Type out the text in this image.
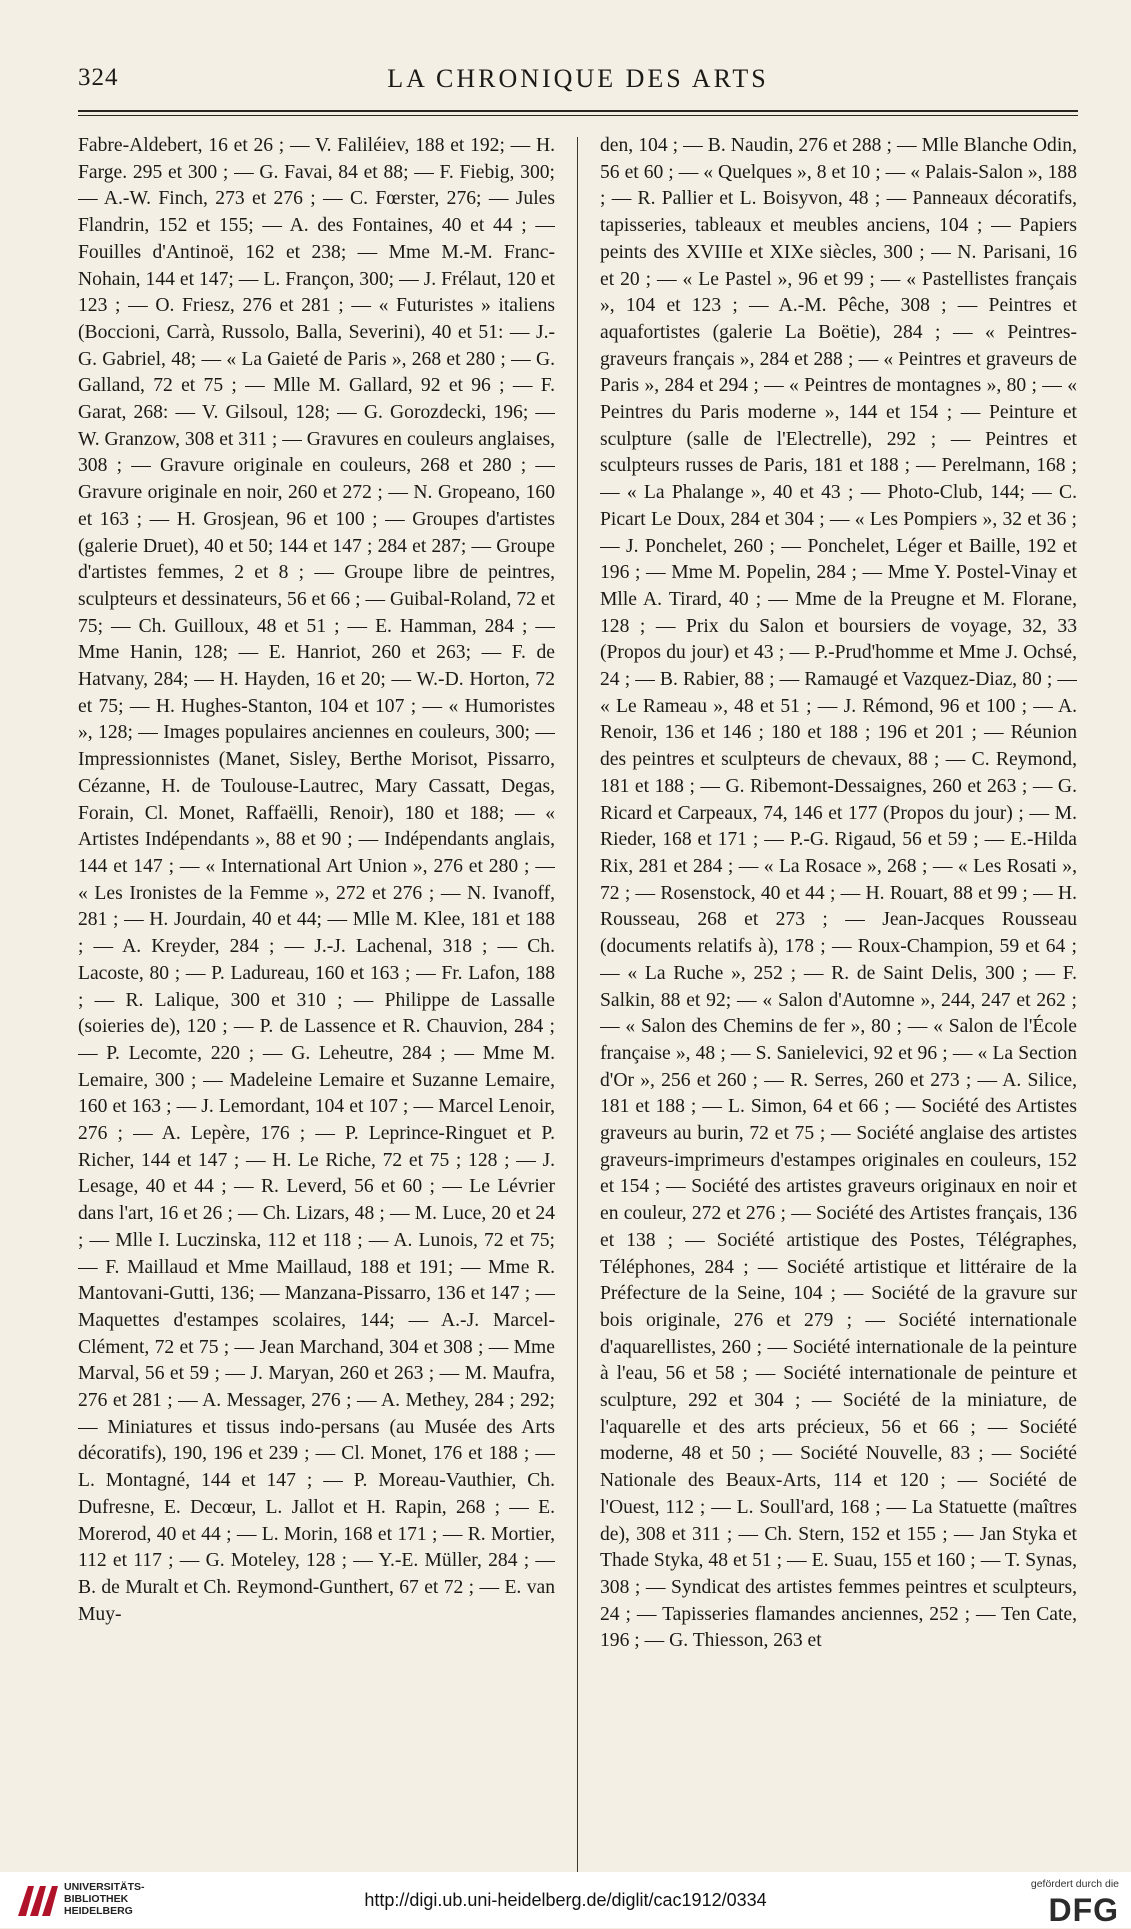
324	LA CHRONIQUE DES ARTS
Fabre-Aldebert, 16 et 26 ; — V. Faliléiev, 188 et 192; — H. Farge. 295 et 300 ; — G. Favai, 84 et 88; — F. Fiebig, 300; — A.-W. Finch, 273 et 276 ; — C. Fœrster, 276; — Jules Flandrin, 152 et 155; — A. des Fontaines, 40 et 44 ; — Fouilles d'Antinoë, 162 et 238; — Mme M.-M. Franc-Nohain, 144 et 147; — L. Françon, 300; — J. Frélaut, 120 et 123 ; — O. Friesz, 276 et 281 ; — « Futuristes » italiens (Boccioni, Carrà, Russolo, Balla, Severini), 40 et 51: — J.-G. Gabriel, 48; — « La Gaieté de Paris », 268 et 280 ; — G. Galland, 72 et 75 ; — Mlle M. Gallard, 92 et 96 ; — F. Garat, 268: — V. Gilsoul, 128; — G. Gorozdecki, 196; — W. Granzow, 308 et 311 ; — Gravures en couleurs anglaises, 308 ; — Gravure originale en couleurs, 268 et 280 ; — Gravure originale en noir, 260 et 272 ; — N. Gropeano, 160 et 163 ; — H. Grosjean, 96 et 100 ; — Groupes d'artistes (galerie Druet), 40 et 50; 144 et 147 ; 284 et 287; — Groupe d'artistes femmes, 2 et 8 ; — Groupe libre de peintres, sculpteurs et dessinateurs, 56 et 66 ; — Guibal-Roland, 72 et 75; — Ch. Guilloux, 48 et 51 ; — E. Hamman, 284 ; — Mme Hanin, 128; — E. Hanriot, 260 et 263; — F. de Hatvany, 284; — H. Hayden, 16 et 20; — W.-D. Horton, 72 et 75; — H. Hughes-Stanton, 104 et 107 ; — « Humoristes », 128; — Images populaires anciennes en couleurs, 300; — Impressionnistes (Manet, Sisley, Berthe Morisot, Pissarro, Cézanne, H. de Toulouse-Lautrec, Mary Cassatt, Degas, Forain, Cl. Monet, Raffaëlli, Renoir), 180 et 188; — « Artistes Indépendants », 88 et 90 ; — Indépendants anglais, 144 et 147 ; — « International Art Union », 276 et 280 ; — « Les Ironistes de la Femme », 272 et 276 ; — N. Ivanoff, 281 ; — H. Jourdain, 40 et 44; — Mlle M. Klee, 181 et 188 ; — A. Kreyder, 284 ; — J.-J. Lachenal, 318 ; — Ch. Lacoste, 80 ; — P. Ladureau, 160 et 163 ; — Fr. Lafon, 188 ; — R. Lalique, 300 et 310 ; — Philippe de Lassalle (soieries de), 120 ; — P. de Lassence et R. Chauvion, 284 ; — P. Lecomte, 220 ; — G. Leheutre, 284 ; — Mme M. Lemaire, 300 ; — Madeleine Lemaire et Suzanne Lemaire, 160 et 163 ; — J. Lemordant, 104 et 107 ; — Marcel Lenoir, 276 ; — A. Lepère, 176 ; — P. Leprince-Ringuet et P. Richer, 144 et 147 ; — H. Le Riche, 72 et 75 ; 128 ; — J. Lesage, 40 et 44 ; — R. Leverd, 56 et 60 ; — Le Lévrier dans l'art, 16 et 26 ; — Ch. Lizars, 48 ; — M. Luce, 20 et 24 ; — Mlle I. Luczinska, 112 et 118 ; — A. Lunois, 72 et 75; — F. Maillaud et Mme Maillaud, 188 et 191; — Mme R. Mantovani-Gutti, 136; — Manzana-Pissarro, 136 et 147 ; — Maquettes d'estampes scolaires, 144; — A.-J. Marcel-Clément, 72 et 75 ; — Jean Marchand, 304 et 308 ; — Mme Marval, 56 et 59 ; — J. Maryan, 260 et 263 ; — M. Maufra, 276 et 281 ; — A. Messager, 276 ; — A. Methey, 284 ; 292; — Miniatures et tissus indo-persans (au Musée des Arts décoratifs), 190, 196 et 239 ; — Cl. Monet, 176 et 188 ; — L. Montagné, 144 et 147 ; — P. Moreau-Vauthier, Ch. Dufresne, E. Decœur, L. Jallot et H. Rapin, 268 ; — E. Morerod, 40 et 44 ; — L. Morin, 168 et 171 ; — R. Mortier, 112 et 117 ; — G. Moteley, 128 ; — Y.-E. Müller, 284 ; — B. de Muralt et Ch. Reymond-Gunthert, 67 et 72 ; — E. van Muy-
den, 104 ; — B. Naudin, 276 et 288 ; — Mlle Blanche Odin, 56 et 60 ; — « Quelques », 8 et 10 ; — « Palais-Salon », 188 ; — R. Pallier et L. Boisyvon, 48 ; — Panneaux décoratifs, tapisseries, tableaux et meubles anciens, 104 ; — Papiers peints des XVIIIe et XIXe siècles, 300 ; — N. Parisani, 16 et 20 ; — « Le Pastel », 96 et 99 ; — « Pastellistes français », 104 et 123 ; — A.-M. Pêche, 308 ; — Peintres et aquafortistes (galerie La Boëtie), 284 ; — « Peintres-graveurs français », 284 et 288 ; — « Peintres et graveurs de Paris », 284 et 294 ; — « Peintres de montagnes », 80 ; — « Peintres du Paris moderne », 144 et 154 ; — Peinture et sculpture (salle de l'Electrelle), 292 ; — Peintres et sculpteurs russes de Paris, 181 et 188 ; — Perelmann, 168 ; — « La Phalange », 40 et 43 ; — Photo-Club, 144; — C. Picart Le Doux, 284 et 304 ; — « Les Pompiers », 32 et 36 ; — J. Ponchelet, 260 ; — Ponchelet, Léger et Baille, 192 et 196 ; — Mme M. Popelin, 284 ; — Mme Y. Postel-Vinay et Mlle A. Tirard, 40 ; — Mme de la Preugne et M. Florane, 128 ; — Prix du Salon et boursiers de voyage, 32, 33 (Propos du jour) et 43 ; — P.-Prud'homme et Mme J. Ochsé, 24 ; — B. Rabier, 88 ; — Ramaugé et Vazquez-Diaz, 80 ; — « Le Rameau », 48 et 51 ; — J. Rémond, 96 et 100 ; — A. Renoir, 136 et 146 ; 180 et 188 ; 196 et 201 ; — Réunion des peintres et sculpteurs de chevaux, 88 ; — C. Reymond, 181 et 188 ; — G. Ribemont-Dessaignes, 260 et 263 ; — G. Ricard et Carpeaux, 74, 146 et 177 (Propos du jour) ; — M. Rieder, 168 et 171 ; — P.-G. Rigaud, 56 et 59 ; — E.-Hilda Rix, 281 et 284 ; — « La Rosace », 268 ; — « Les Rosati », 72 ; — Rosenstock, 40 et 44 ; — H. Rouart, 88 et 99 ; — H. Rousseau, 268 et 273 ; — Jean-Jacques Rousseau (documents relatifs à), 178 ; — Roux-Champion, 59 et 64 ; — « La Ruche », 252 ; — R. de Saint Delis, 300 ; — F. Salkin, 88 et 92; — « Salon d'Automne », 244, 247 et 262 ; — « Salon des Chemins de fer », 80 ; — « Salon de l'École française », 48 ; — S. Sanielevici, 92 et 96 ; — « La Section d'Or », 256 et 260 ; — R. Serres, 260 et 273 ; — A. Silice, 181 et 188 ; — L. Simon, 64 et 66 ; — Société des Artistes graveurs au burin, 72 et 75 ; — Société anglaise des artistes graveurs-imprimeurs d'estampes originales en couleurs, 152 et 154 ; — Société des artistes graveurs originaux en noir et en couleur, 272 et 276 ; — Société des Artistes français, 136 et 138 ; — Société artistique des Postes, Télégraphes, Téléphones, 284 ; — Société artistique et littéraire de la Préfecture de la Seine, 104 ; — Société de la gravure sur bois originale, 276 et 279 ; — Société internationale d'aquarellistes, 260 ; — Société internationale de la peinture à l'eau, 56 et 58 ; — Société internationale de peinture et sculpture, 292 et 304 ; — Société de la miniature, de l'aquarelle et des arts précieux, 56 et 66 ; — Société moderne, 48 et 50 ; — Société Nouvelle, 83 ; — Société Nationale des Beaux-Arts, 114 et 120 ; — Société de l'Ouest, 112 ; — L. Soull'ard, 168 ; — La Statuette (maîtres de), 308 et 311 ; — Ch. Stern, 152 et 155 ; — Jan Styka et Thade Styka, 48 et 51 ; — E. Suau, 155 et 160 ; — T. Synas, 308 ; — Syndicat des artistes femmes peintres et sculpteurs, 24 ; — Tapisseries flamandes anciennes, 252 ; — Ten Cate, 196 ; — G. Thiesson, 263 et
UNIVERSITÄTS-
BIBLIOTHEK
HEIDELBERG
http://digi.ub.uni-heidelberg.de/diglit/cac1912/0334
gefördert durch die
DFG
